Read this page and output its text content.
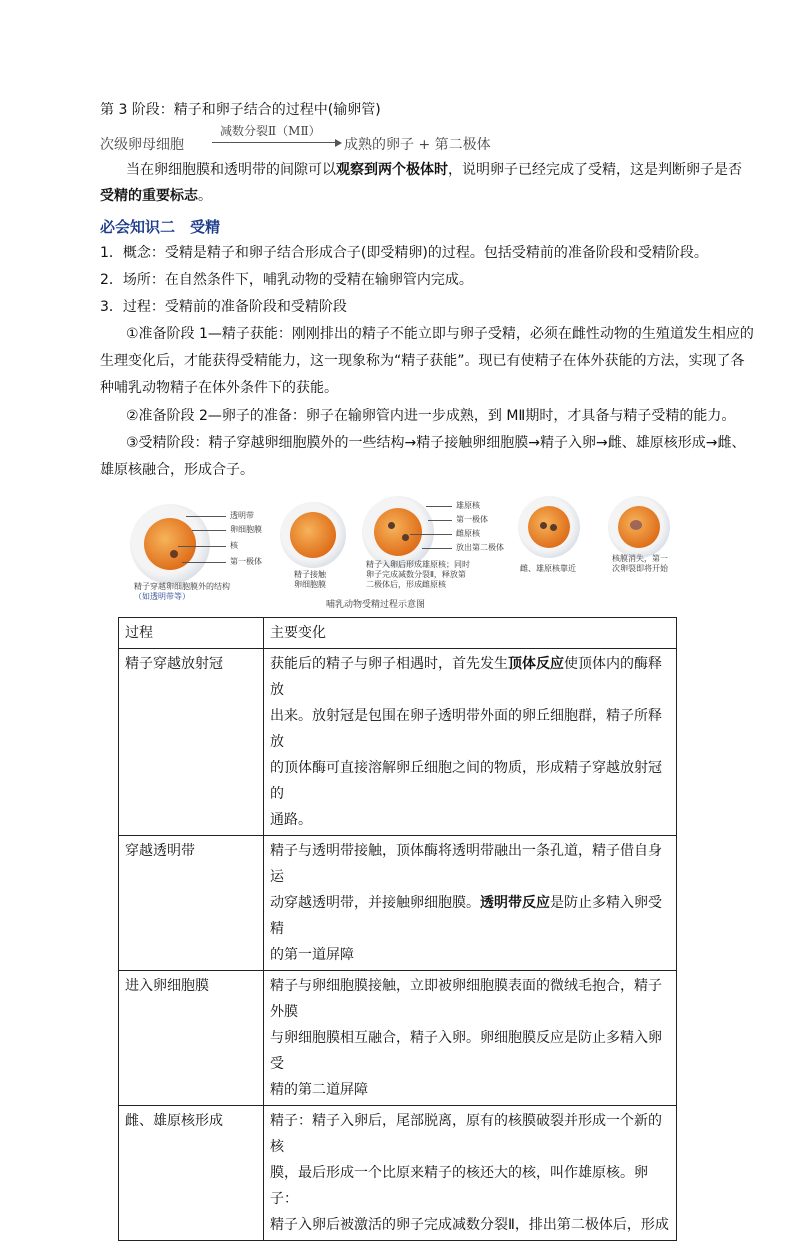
第 3 阶段：精子和卵子结合的过程中(输卵管)
次级卵母细胞
减数分裂Ⅱ（MⅡ）
成熟的卵子 + 第二极体
当在卵细胞膜和透明带的间隙可以观察到两个极体时，说明卵子已经完成了受精，这是判断卵子是否
受精的重要标志。
必会知识二　受精
1．概念：受精是精子和卵子结合形成合子(即受精卵)的过程。包括受精前的准备阶段和受精阶段。
2．场所：在自然条件下，哺乳动物的受精在输卵管内完成。
3．过程：受精前的准备阶段和受精阶段
①准备阶段 1—精子获能：刚刚排出的精子不能立即与卵子受精，必须在雌性动物的生殖道发生相应的
生理变化后，才能获得受精能力，这一现象称为“精子获能”。现已有使精子在体外获能的方法，实现了各
种哺乳动物精子在体外条件下的获能。
②准备阶段 2—卵子的准备：卵子在输卵管内进一步成熟，到 MⅡ期时，才具备与精子受精的能力。
③受精阶段：精子穿越卵细胞膜外的一些结构→精子接触卵细胞膜→精子入卵→雌、雄原核形成→雌、
雄原核融合，形成合子。
透明带
卵细胞膜
核
第一极体
精子穿越卵细胞膜外的结构
（如透明带等）
精子接触
卵细胞膜
雄原核
第一极体
雌原核
放出第二极体
精子入卵后形成雄原核；同时
卵子完成减数分裂Ⅱ，释放第
二极体后，形成雌原核
雌、雄原核靠近
核膜消失，第一
次卵裂即将开始
哺乳动物受精过程示意图
过程	主要变化
精子穿越放射冠	获能后的精子与卵子相遇时，首先发生顶体反应使顶体内的酶释放
出来。放射冠是包围在卵子透明带外面的卵丘细胞群，精子所释放
的顶体酶可直接溶解卵丘细胞之间的物质，形成精子穿越放射冠的
通路。
穿越透明带	精子与透明带接触，顶体酶将透明带融出一条孔道，精子借自身运
动穿越透明带，并接触卵细胞膜。透明带反应是防止多精入卵受精
的第一道屏障
进入卵细胞膜	精子与卵细胞膜接触，立即被卵细胞膜表面的微绒毛抱合，精子外膜
与卵细胞膜相互融合，精子入卵。卵细胞膜反应是防止多精入卵受
精的第二道屏障
雌、雄原核形成	精子：精子入卵后，尾部脱离，原有的核膜破裂并形成一个新的核
膜，最后形成一个比原来精子的核还大的核，叫作雄原核。卵子：
精子入卵后被激活的卵子完成减数分裂Ⅱ，排出第二极体后，形成
